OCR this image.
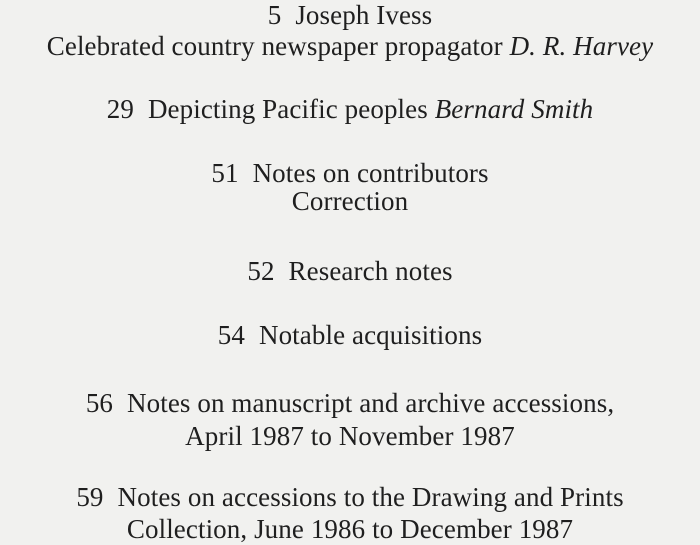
5 Joseph Ivess
Celebrated country newspaper propagator D. R. Harvey
29 Depicting Pacific peoples Bernard Smith
51 Notes on contributors
Correction
52 Research notes
54 Notable acquisitions
56 Notes on manuscript and archive accessions,
April 1987 to November 1987
59 Notes on accessions to the Drawing and Prints
Collection, June 1986 to December 1987
